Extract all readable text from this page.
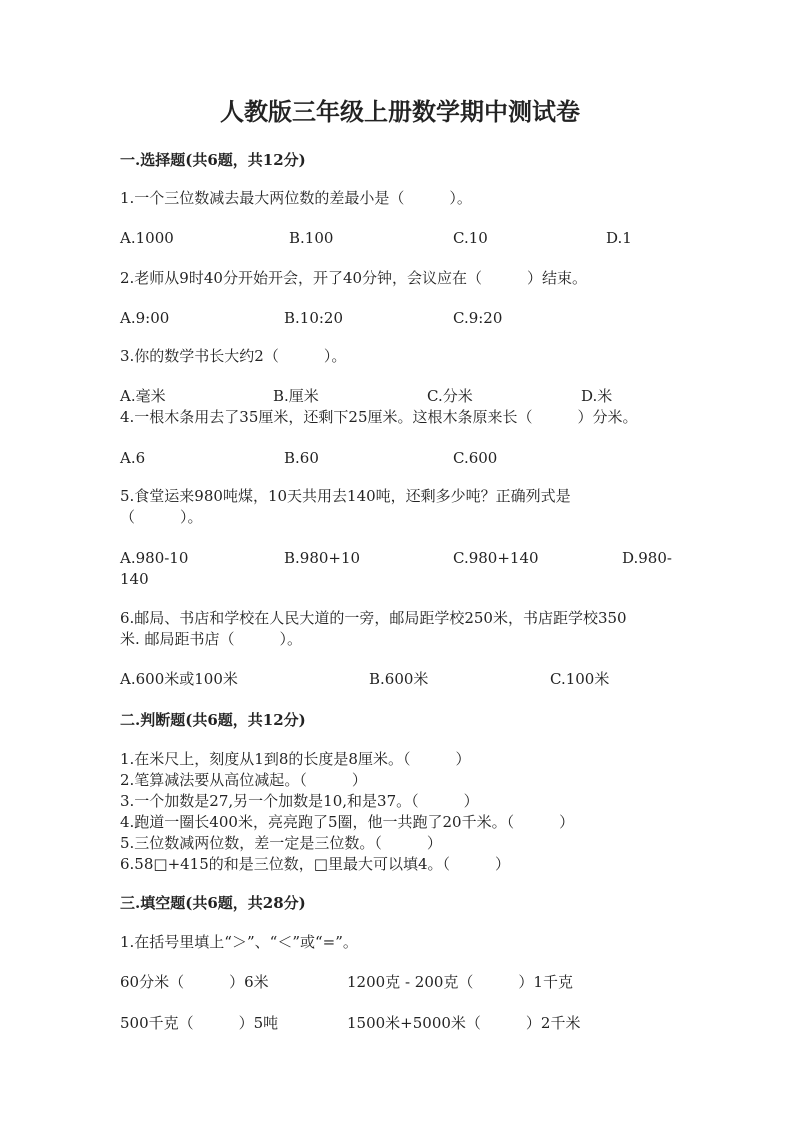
人教版三年级上册数学期中测试卷
一.选择题(共6题，共12分)
1.一个三位数减去最大两位数的差最小是（　　　）。
A.1000	B.100	C.10	D.1
2.老师从9时40分开始开会，开了40分钟，会议应在（　　　）结束。
A.9:00	B.10:20	C.9:20
3.你的数学书长大约2（　　　）。
A.毫米	B.厘米	C.分米	D.米
4.一根木条用去了35厘米，还剩下25厘米。这根木条原来长（　　　）分米。
A.6	B.60	C.600
5.食堂运来980吨煤，10天共用去140吨，还剩多少吨？正确列式是
（　　　）。
A.980-10	B.980+10	C.980+140	D.980-
140
6.邮局、书店和学校在人民大道的一旁，邮局距学校250米，书店距学校350
米. 邮局距书店（　　　）。
A.600米或100米	B.600米	C.100米
二.判断题(共6题，共12分)
1.在米尺上，刻度从1到8的长度是8厘米。（　　　）
2.笔算减法要从高位减起。（　　　）
3.一个加数是27,另一个加数是10,和是37。（　　　）
4.跑道一圈长400米，亮亮跑了5圈，他一共跑了20千米。（　　　）
5.三位数减两位数，差一定是三位数。（　　　）
6.58□+415的和是三位数，□里最大可以填4。（　　　）
三.填空题(共6题，共28分)
1.在括号里填上“＞”、“＜”或“=”。
60分米（　　　）6米	1200克 - 200克（　　　）1千克
500千克（　　　）5吨	1500米+5000米（　　　）2千米
